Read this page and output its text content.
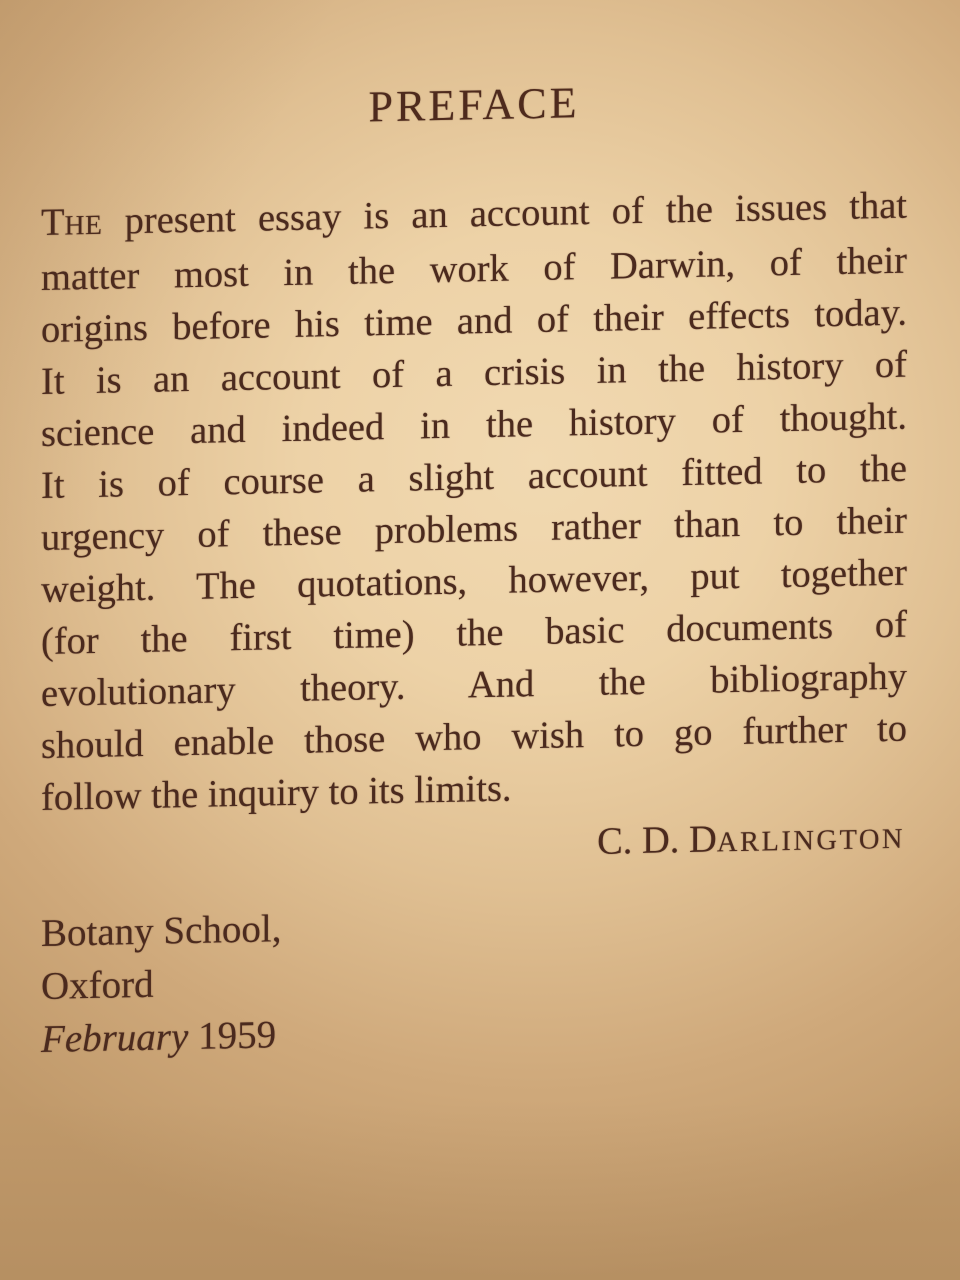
PREFACE
THE present essay is an account of the issues that
matter most in the work of Darwin, of their
origins before his time and of their effects today.
It is an account of a crisis in the history of
science and indeed in the history of thought.
It is of course a slight account fitted to the
urgency of these problems rather than to their
weight. The quotations, however, put together
(for the first time) the basic documents of
evolutionary theory. And the bibliography
should enable those who wish to go further to
follow the inquiry to its limits.
C. D. DARLINGTON
Botany School,
Oxford
February 1959
